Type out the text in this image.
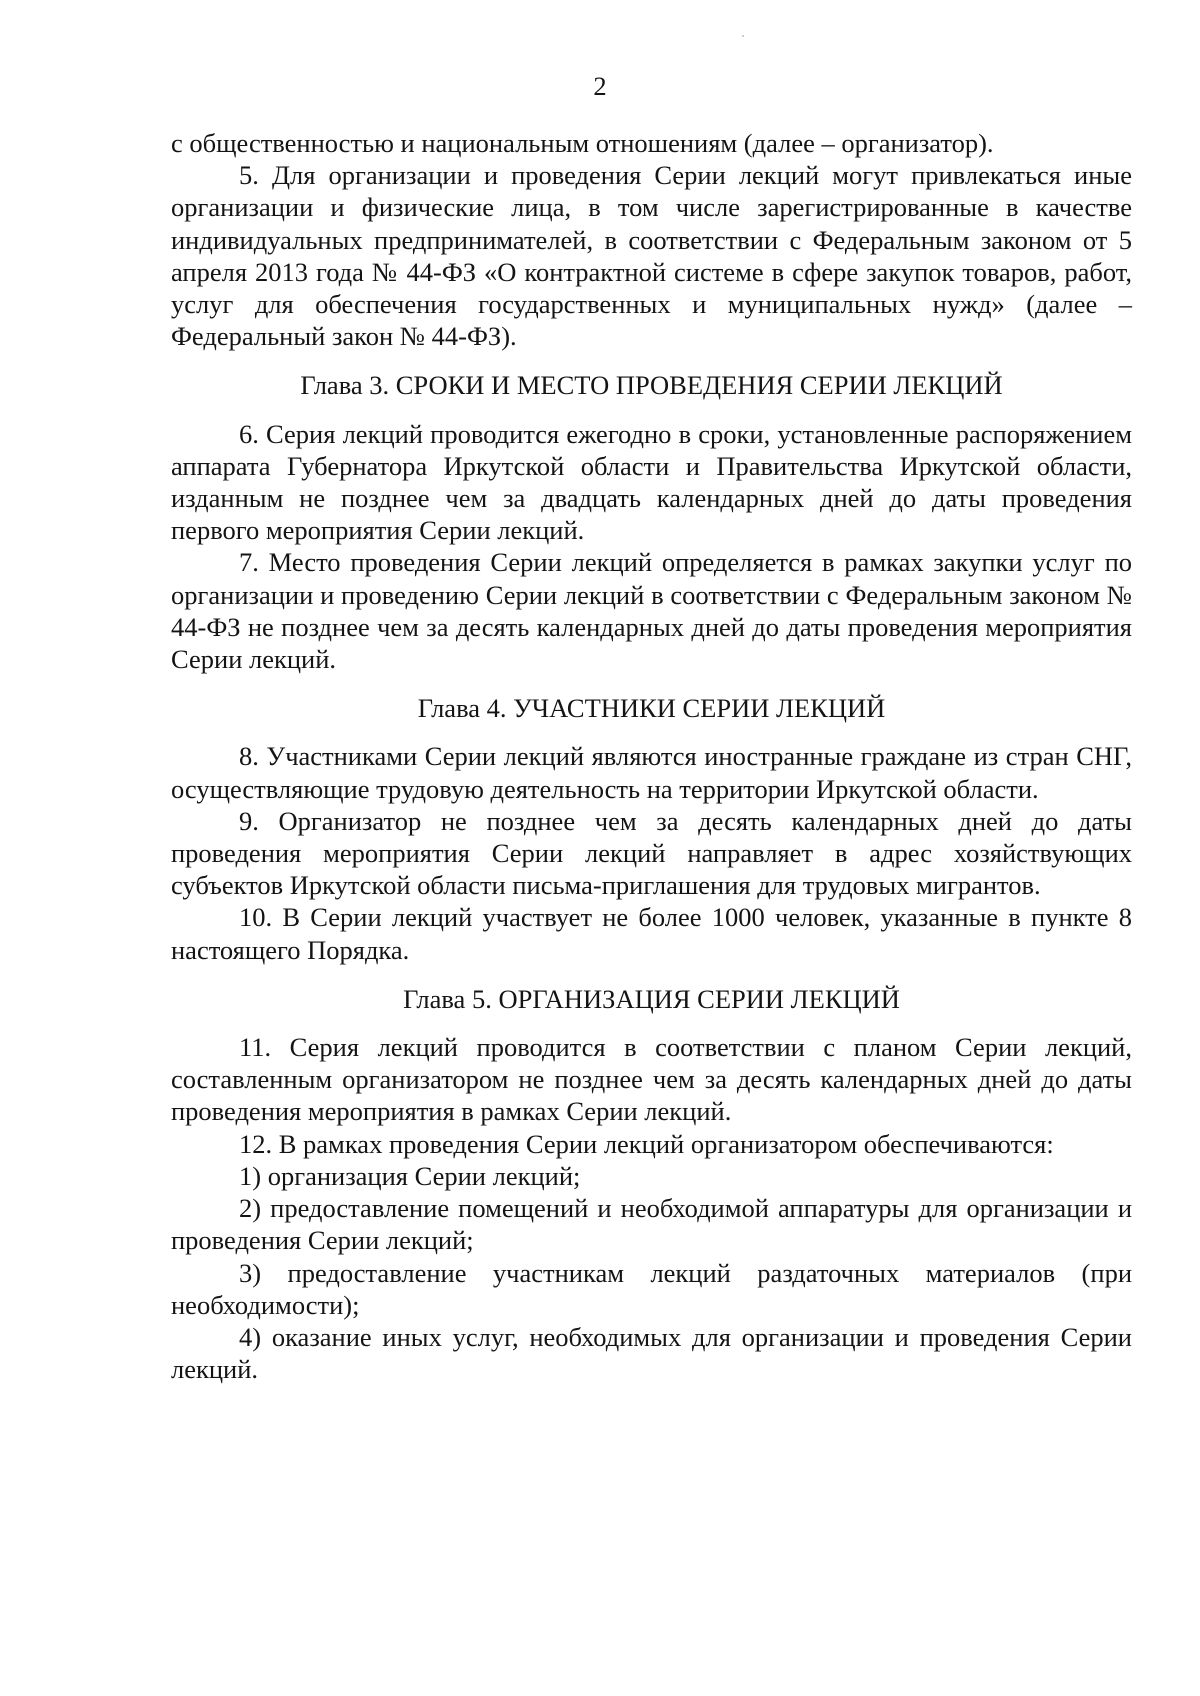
2

с общественностью и национальным отношениям (далее – организатор).

5. Для организации и проведения Серии лекций могут привлекаться иные организации и физические лица, в том числе зарегистрированные в качестве индивидуальных предпринимателей, в соответствии с Федеральным законом от 5 апреля 2013 года № 44-ФЗ «О контрактной системе в сфере закупок товаров, работ, услуг для обеспечения государственных и муниципальных нужд» (далее – Федеральный закон № 44-ФЗ).

Глава 3. СРОКИ И МЕСТО ПРОВЕДЕНИЯ СЕРИИ ЛЕКЦИЙ

6. Серия лекций проводится ежегодно в сроки, установленные распоряжением аппарата Губернатора Иркутской области и Правительства Иркутской области, изданным не позднее чем за двадцать календарных дней до даты проведения первого мероприятия Серии лекций.

7. Место проведения Серии лекций определяется в рамках закупки услуг по организации и проведению Серии лекций в соответствии с Федеральным законом № 44-ФЗ не позднее чем за десять календарных дней до даты проведения мероприятия Серии лекций.

Глава 4. УЧАСТНИКИ СЕРИИ ЛЕКЦИЙ

8. Участниками Серии лекций являются иностранные граждане из стран СНГ, осуществляющие трудовую деятельность на территории Иркутской области.

9. Организатор не позднее чем за десять календарных дней до даты проведения мероприятия Серии лекций направляет в адрес хозяйствующих субъектов Иркутской области письма-приглашения для трудовых мигрантов.

10. В Серии лекций участвует не более 1000 человек, указанные в пункте 8 настоящего Порядка.

Глава 5. ОРГАНИЗАЦИЯ СЕРИИ ЛЕКЦИЙ

11. Серия лекций проводится в соответствии с планом Серии лекций, составленным организатором не позднее чем за десять календарных дней до даты проведения мероприятия в рамках Серии лекций.

12. В рамках проведения Серии лекций организатором обеспечиваются:

1) организация Серии лекций;

2) предоставление помещений и необходимой аппаратуры для организации и проведения Серии лекций;

3) предоставление участникам лекций раздаточных материалов (при необходимости);

4) оказание иных услуг, необходимых для организации и проведения Серии лекций.
